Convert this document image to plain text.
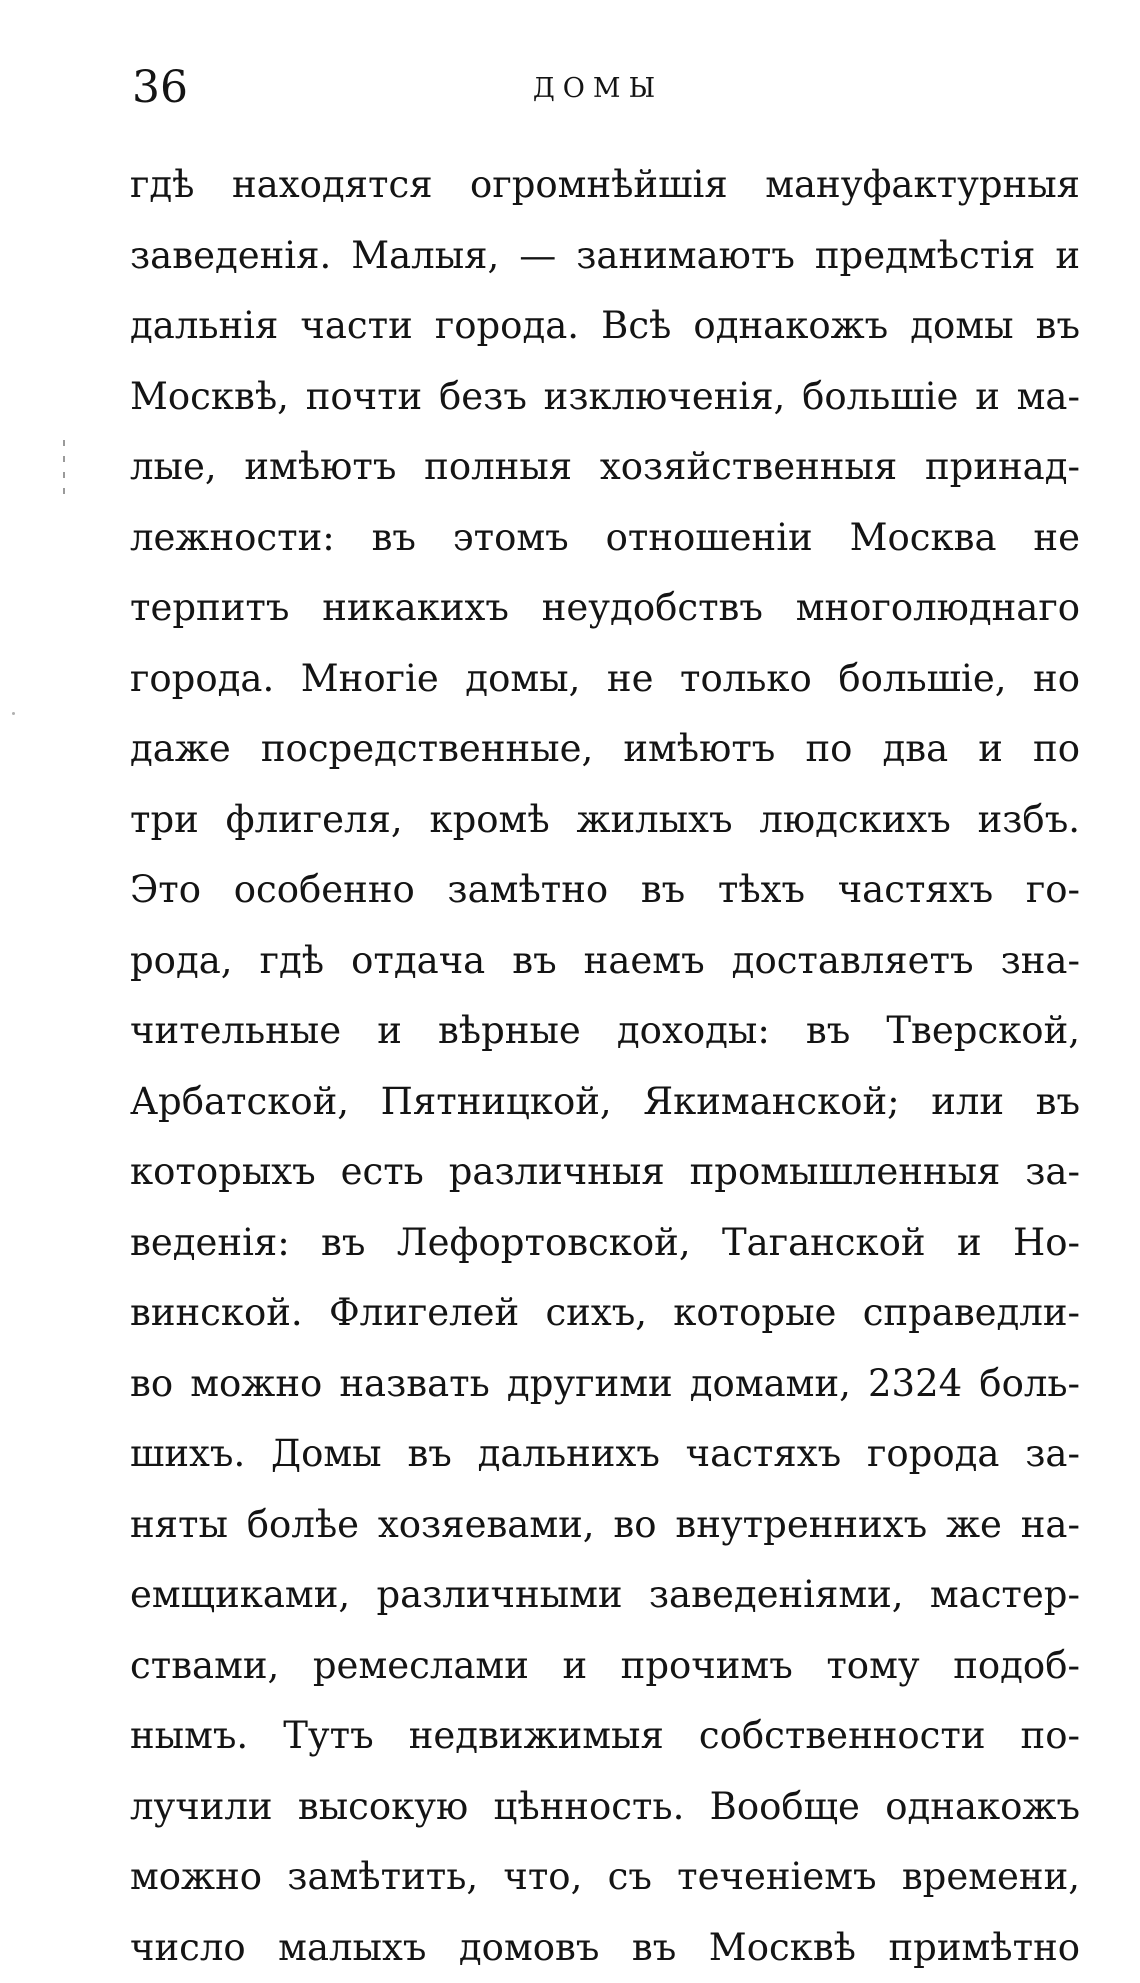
36	ДОМЫ
гдѣ находятся огромнѣйшія мануфактурныя
заведенія. Малыя, — занимаютъ предмѣстія и
дальнія части города. Всѣ однакожъ домы въ
Москвѣ, почти безъ изключенія, большіе и ма-
лые, имѣютъ полныя хозяйственныя принад-
лежности: въ этомъ отношеніи Москва не
терпитъ никакихъ неудобствъ многолюднаго
города. Многіе домы, не только большіе, но
даже посредственные, имѣютъ по два и по
три флигеля, кромѣ жилыхъ людскихъ избъ.
Это особенно замѣтно въ тѣхъ частяхъ го-
рода, гдѣ отдача въ наемъ доставляетъ зна-
чительные и вѣрные доходы: въ Тверской,
Арбатской, Пятницкой, Якиманской; или въ
которыхъ есть различныя промышленныя за-
веденія: въ Лефортовской, Таганской и Но-
винской. Флигелей сихъ, которые справедли-
во можно назвать другими домами, 2324 боль-
шихъ. Домы въ дальнихъ частяхъ города за-
няты болѣе хозяевами, во внутреннихъ же на-
емщиками, различными заведеніями, мастер-
ствами, ремеслами и прочимъ тому подоб-
нымъ. Тутъ недвижимыя собственности по-
лучили высокую цѣнность. Вообще однакожъ
можно замѣтить, что, съ теченіемъ времени,
число малыхъ домовъ въ Москвѣ примѣтно
